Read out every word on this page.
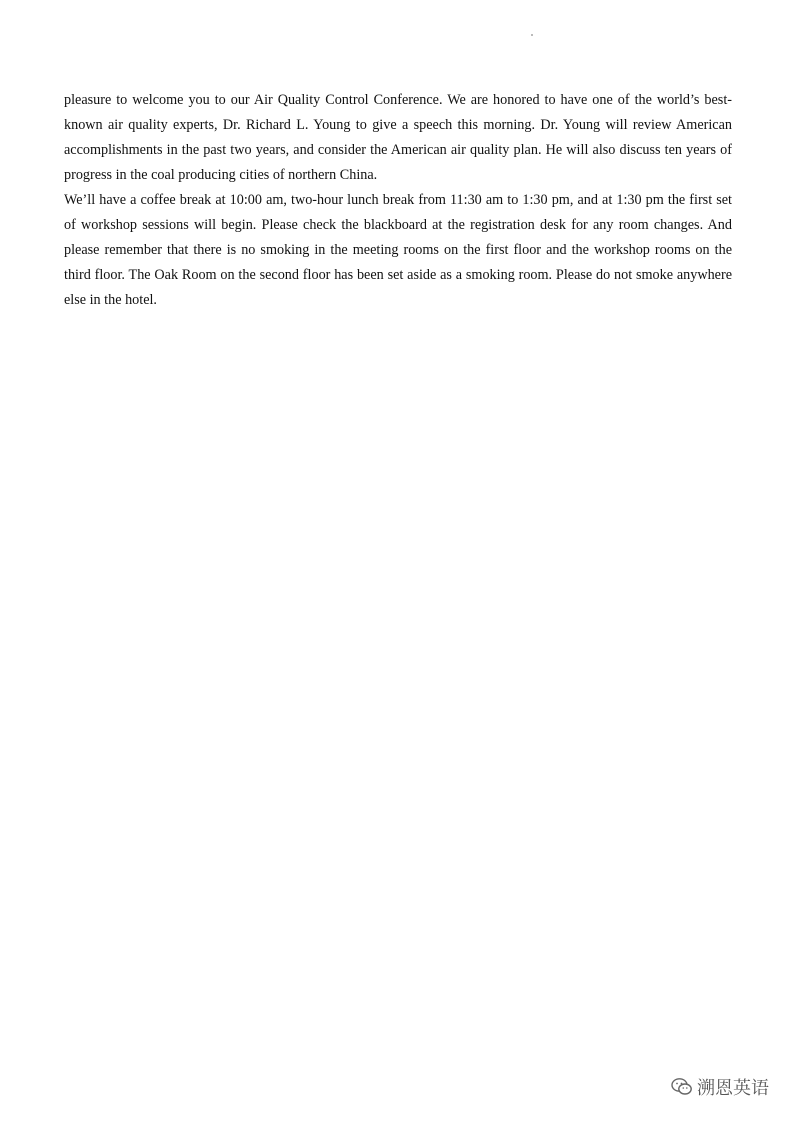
pleasure to welcome you to our Air Quality Control Conference. We are honored to have one of the world’s best-known air quality experts, Dr. Richard L. Young to give a speech this morning. Dr. Young will review American accomplishments in the past two years, and consider the American air quality plan. He will also discuss ten years of progress in the coal producing cities of northern China.

We’ll have a coffee break at 10:00 am, two-hour lunch break from 11:30 am to 1:30 pm, and at 1:30 pm the first set of workshop sessions will begin. Please check the blackboard at the registration desk for any room changes. And please remember that there is no smoking in the meeting rooms on the first floor and the workshop rooms on the third floor. The Oak Room on the second floor has been set aside as a smoking room. Please do not smoke anywhere else in the hotel.

溯恩英语
